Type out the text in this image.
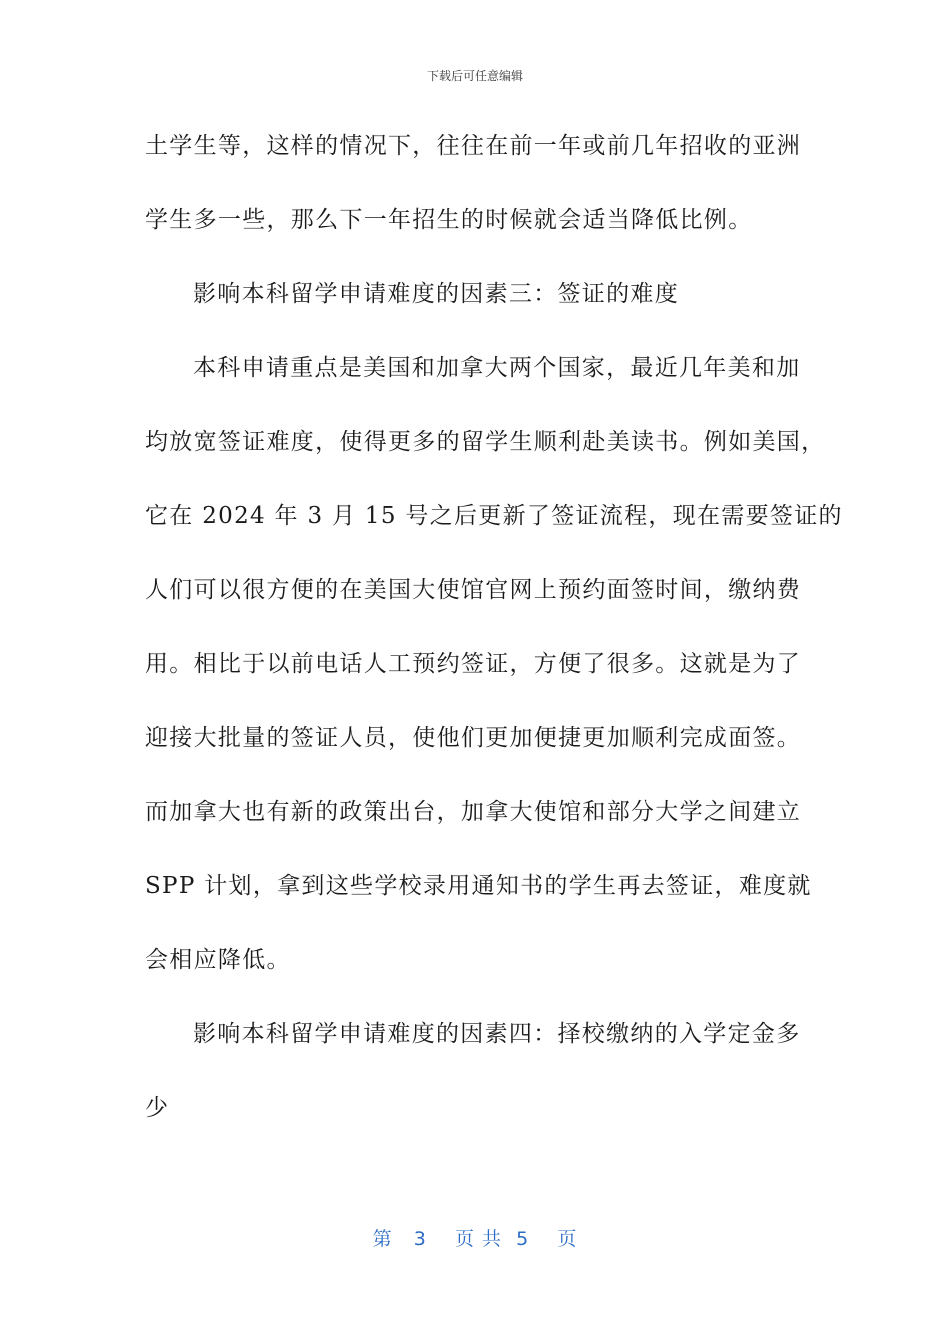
下载后可任意编辑
土学生等，这样的情况下，往往在前一年或前几年招收的亚洲
学生多一些，那么下一年招生的时候就会适当降低比例。
影响本科留学申请难度的因素三：签证的难度
本科申请重点是美国和加拿大两个国家，最近几年美和加
均放宽签证难度，使得更多的留学生顺利赴美读书。例如美国，
它在 2024 年 3 月 15 号之后更新了签证流程，现在需要签证的
人们可以很方便的在美国大使馆官网上预约面签时间，缴纳费
用。相比于以前电话人工预约签证，方便了很多。这就是为了
迎接大批量的签证人员，使他们更加便捷更加顺利完成面签。
而加拿大也有新的政策出台，加拿大使馆和部分大学之间建立
SPP 计划，拿到这些学校录用通知书的学生再去签证，难度就
会相应降低。
影响本科留学申请难度的因素四：择校缴纳的入学定金多
少
第   3    页 共  5    页
